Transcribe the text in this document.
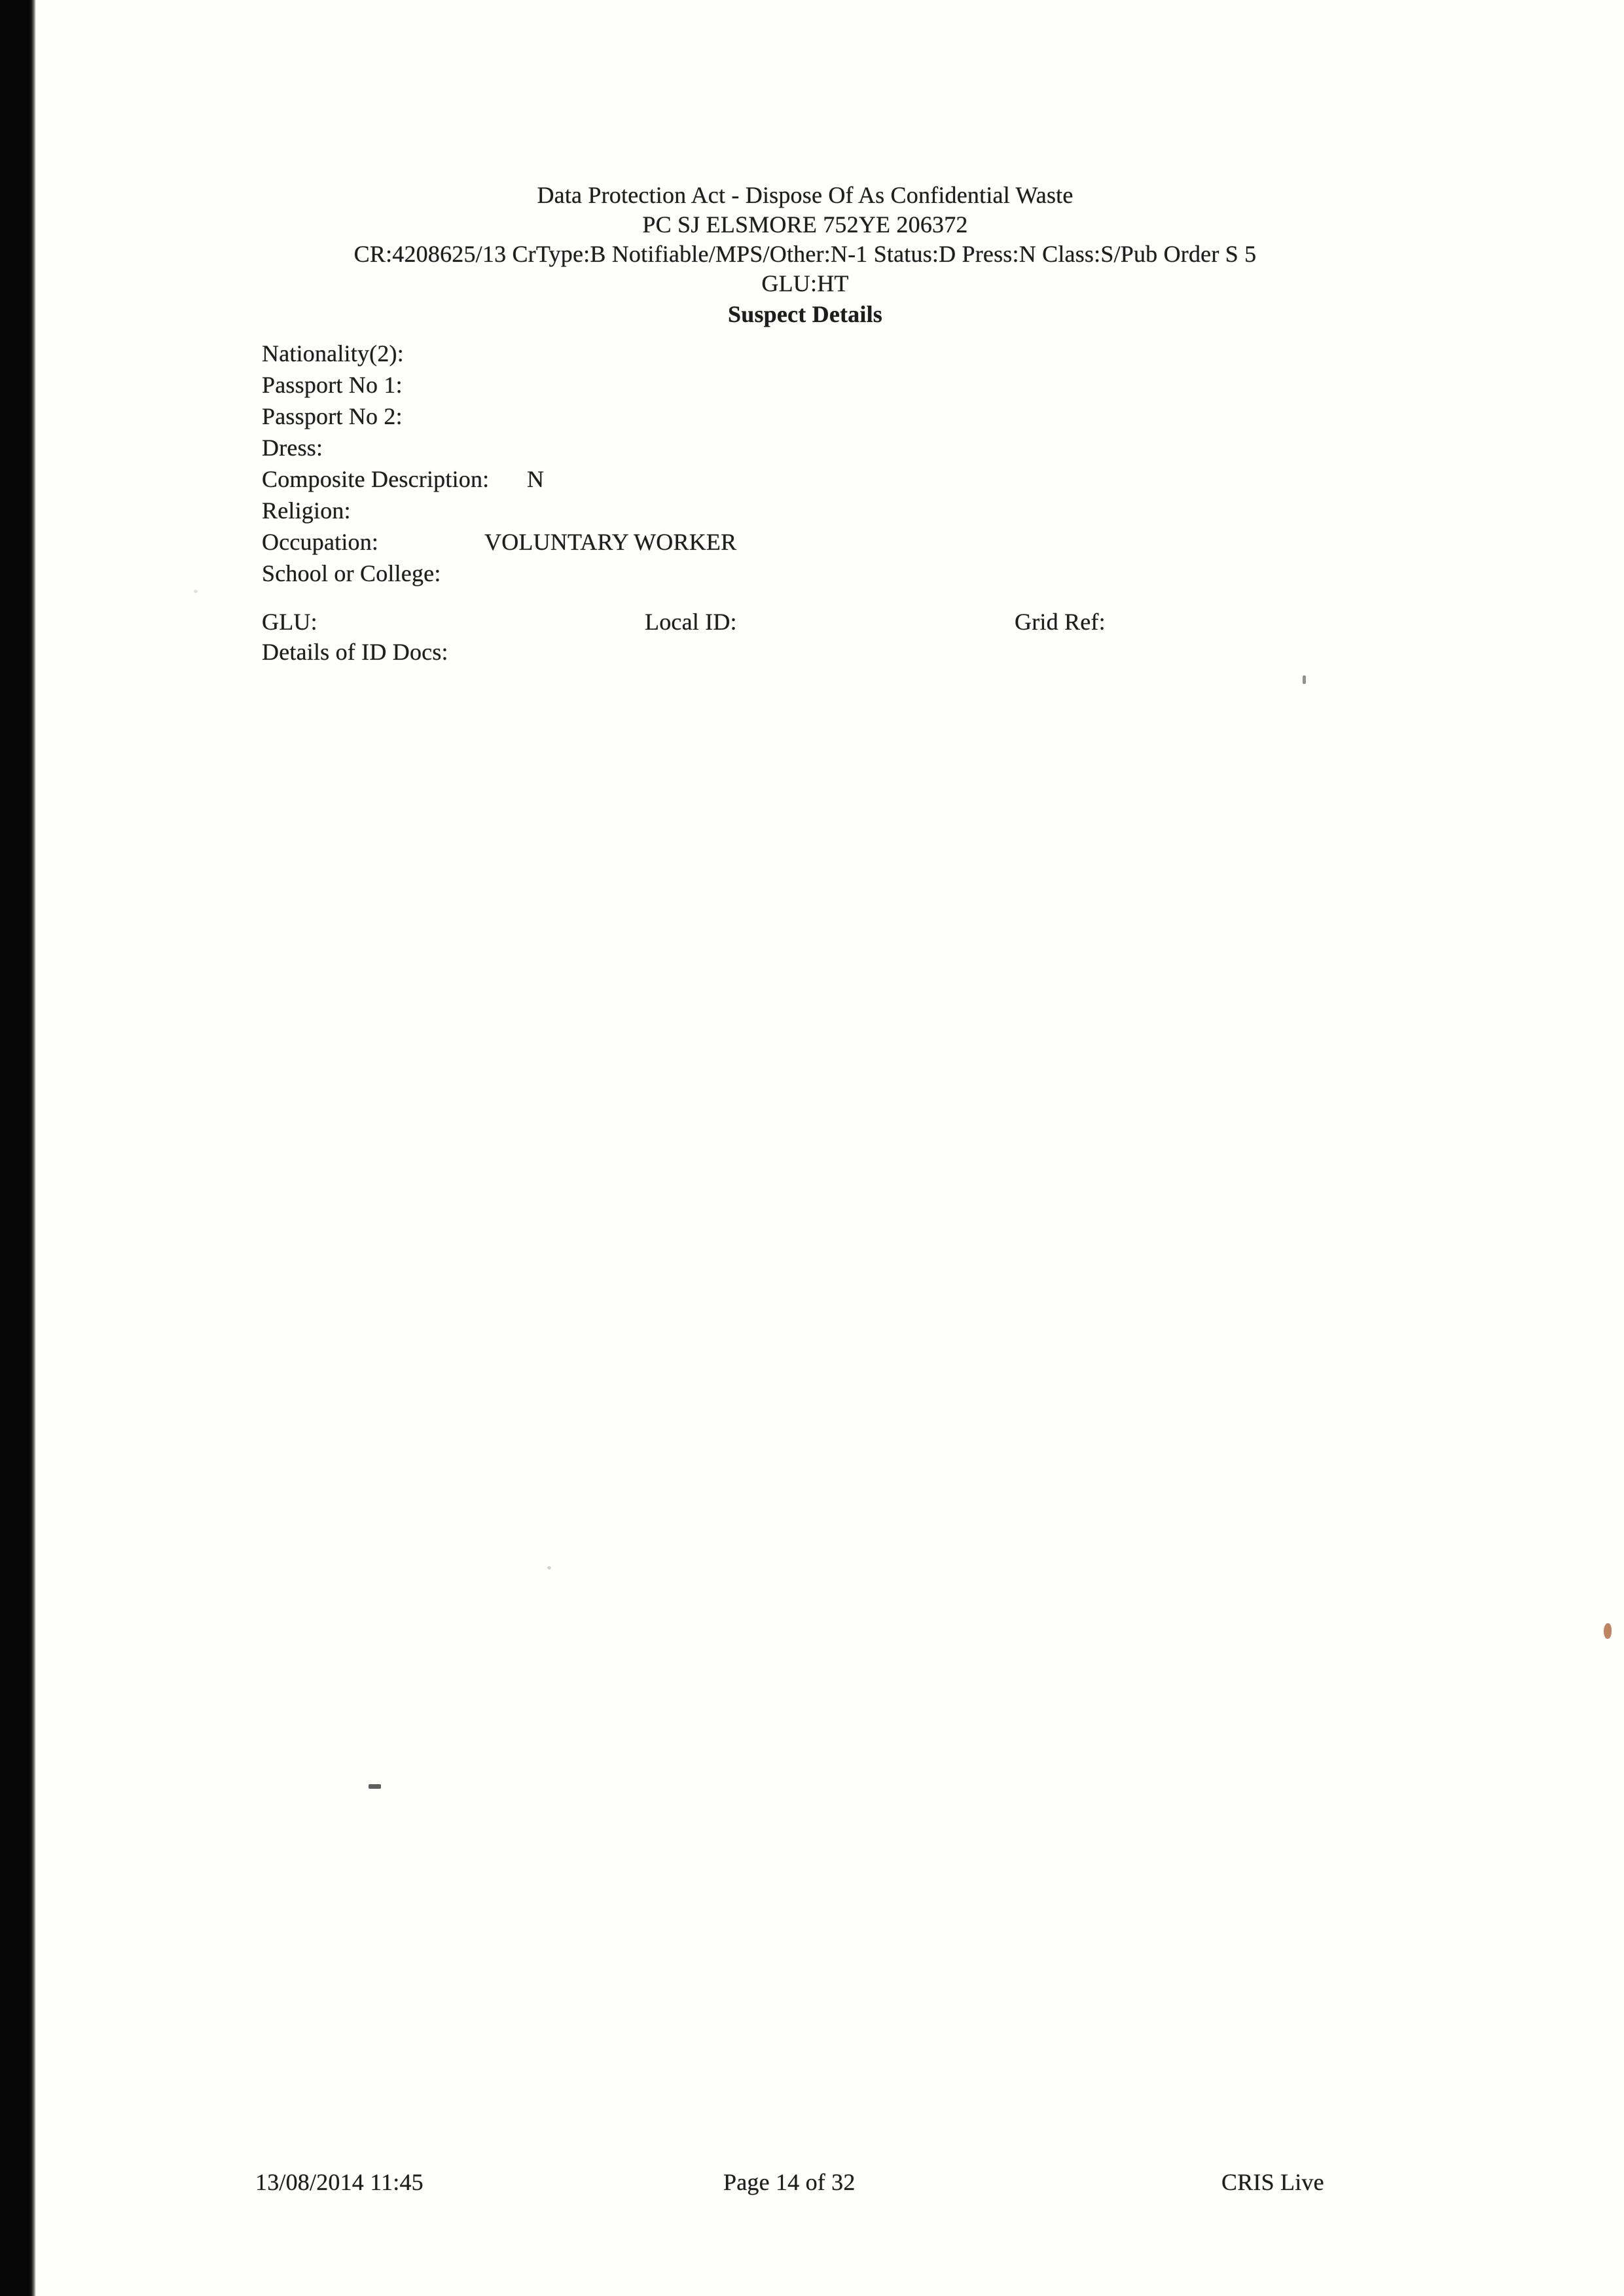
Data Protection Act - Dispose Of As Confidential Waste
PC SJ ELSMORE 752YE 206372
CR:4208625/13 CrType:B Notifiable/MPS/Other:N-1 Status:D Press:N Class:S/Pub Order S 5
GLU:HT
Suspect Details
Nationality(2):
Passport No 1:
Passport No 2:
Dress:
Composite Description: N
Religion:
Occupation:	VOLUNTARY WORKER
School or College:
GLU:	Local ID:	Grid Ref:
Details of ID Docs:
13/08/2014 11:45	Page 14 of 32	CRIS Live
